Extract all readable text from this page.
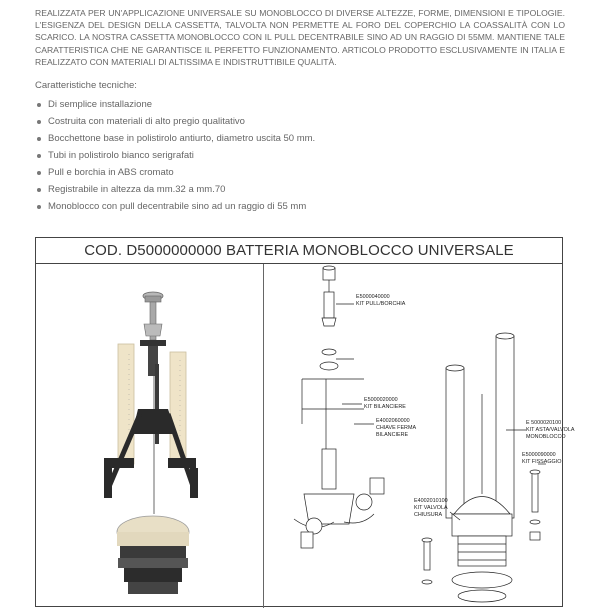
REALIZZATA PER UN'APPLICAZIONE UNIVERSALE SU MONOBLOCCO DI DIVERSE ALTEZZE, FORME, DIMENSIONI E TIPOLOGIE. L'ESIGENZA DEL DESIGN DELLA CASSETTA, TALVOLTA NON PERMETTE AL FORO DEL COPERCHIO LA COASSALITÀ CON LO SCARICO. LA NOSTRA CASSETTA MONOBLOCCO CON IL PULL DECENTRABILE SINO AD UN RAGGIO DI 55MM. MANTIENE TALE CARATTERISTICA CHE NE GARANTISCE IL PERFETTO FUNZIONAMENTO. ARTICOLO PRODOTTO ESCLUSIVAMENTE IN ITALIA E REALIZZATO CON MATERIALI DI ALTISSIMA E INDISTRUTTIBILE QUALITÀ.

Caratteristiche tecniche:

Di semplice installazione
Costruita con materiali di alto pregio qualitativo
Bocchettone base in polistirolo antiurto, diametro uscita 50 mm.
Tubi in polistirolo bianco serigrafati
Pull e borchia in ABS cromato
Registrabile in altezza da mm.32 a mm.70
Monoblocco con pull decentrabile sino ad un raggio di 55 mm
COD. D5000000000 BATTERIA MONOBLOCCO UNIVERSALE
E5000040000
KIT PULL/BORCHIA
E5000020000
KIT BILANCIERE
E4002060000
CHIAVE FERMA
BILANCIERE
E 5000020100
KIT ASTA/VALVOLA
MONOBLOCCO
E5000090000
KIT FISSAGGIO
E4002010100
KIT VALVOLA
CHIUSURA
